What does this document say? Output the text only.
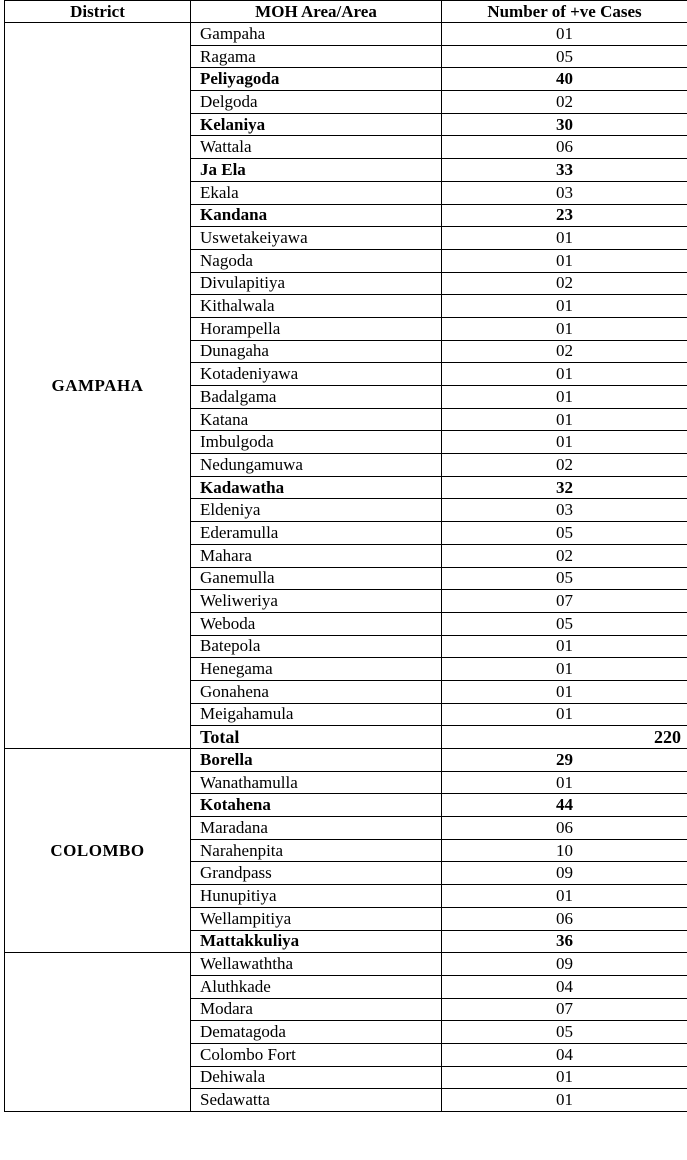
District	MOH Area/Area	Number of +ve Cases
GAMPAHA	Gampaha	01
	Ragama	05
	Peliyagoda	40
	Delgoda	02
	Kelaniya	30
	Wattala	06
	Ja Ela	33
	Ekala	03
	Kandana	23
	Uswetakeiyawa	01
	Nagoda	01
	Divulapitiya	02
	Kithalwala	01
	Horampella	01
	Dunagaha	02
	Kotadeniyawa	01
	Badalgama	01
	Katana	01
	Imbulgoda	01
	Nedungamuwa	02
	Kadawatha	32
	Eldeniya	03
	Ederamulla	05
	Mahara	02
	Ganemulla	05
	Weliweriya	07
	Weboda	05
	Batepola	01
	Henegama	01
	Gonahena	01
	Meigahamula	01
	Total	220
COLOMBO	Borella	29
	Wanathamulla	01
	Kotahena	44
	Maradana	06
	Narahenpita	10
	Grandpass	09
	Hunupitiya	01
	Wellampitiya	06
	Mattakkuliya	36
	Wellawaththa	09
	Aluthkade	04
	Modara	07
	Dematagoda	05
	Colombo Fort	04
	Dehiwala	01
	Sedawatta	01
